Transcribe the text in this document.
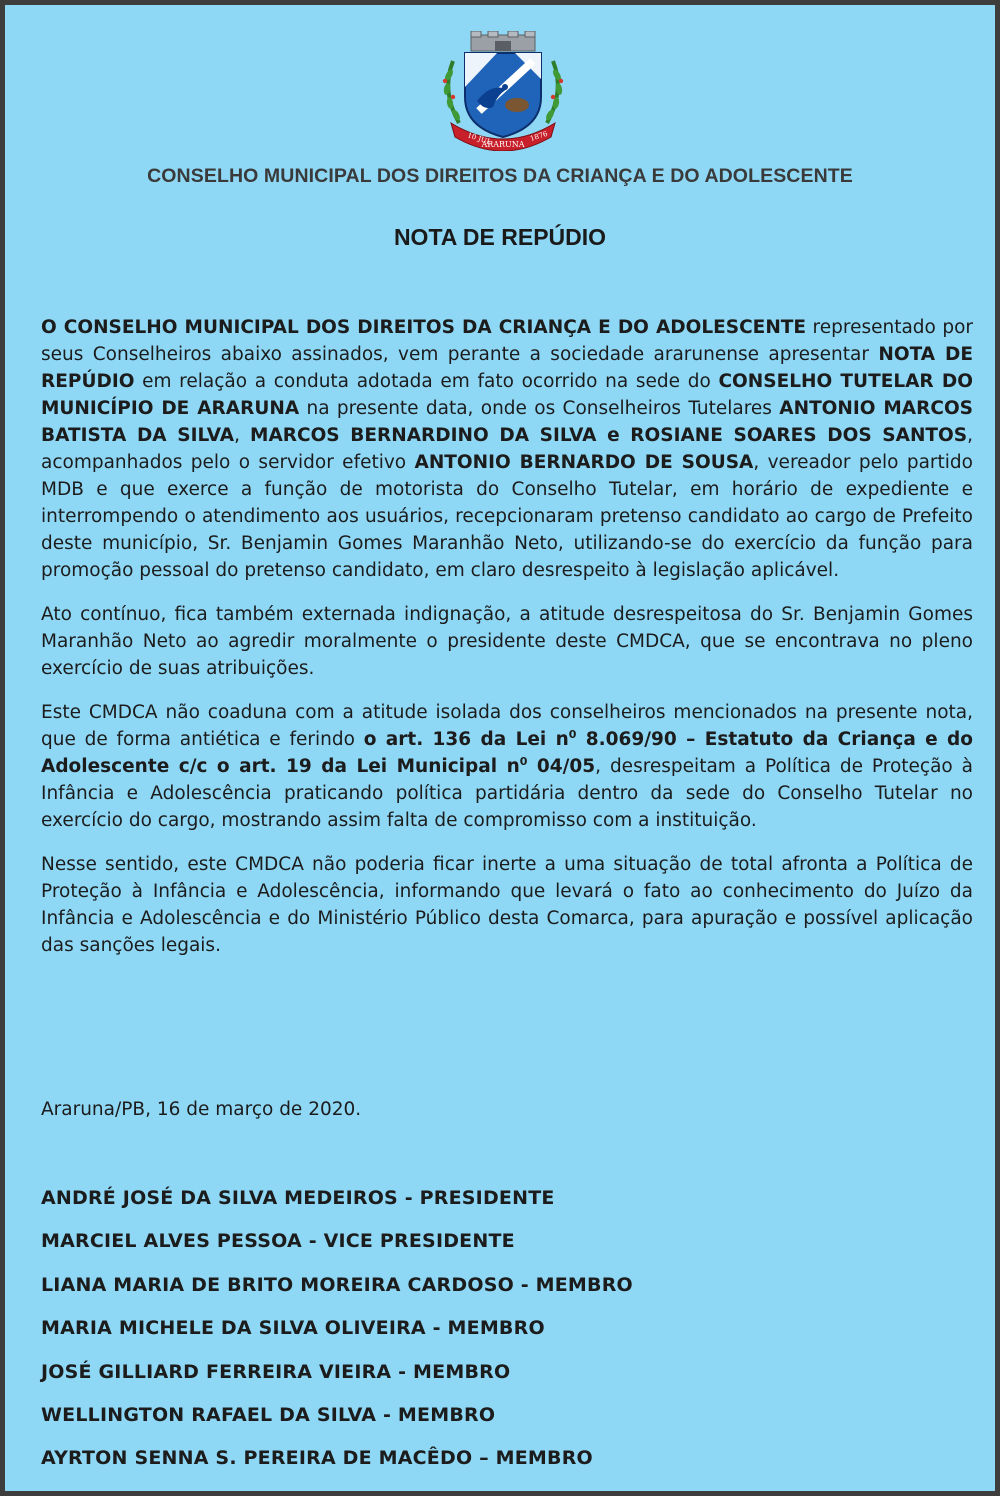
10 JUL
ARARUNA
1876
CONSELHO MUNICIPAL DOS DIREITOS DA CRIANÇA E DO ADOLESCENTE
NOTA DE REPÚDIO

O CONSELHO MUNICIPAL DOS DIREITOS DA CRIANÇA E DO ADOLESCENTE representado por seus Conselheiros abaixo assinados, vem perante a sociedade ararunense apresentar NOTA DE REPÚDIO em relação a conduta adotada em fato ocorrido na sede do CONSELHO TUTELAR DO MUNICÍPIO DE ARARUNA na presente data, onde os Conselheiros Tutelares ANTONIO MARCOS BATISTA DA SILVA, MARCOS BERNARDINO DA SILVA e ROSIANE SOARES DOS SANTOS, acompanhados pelo o servidor efetivo ANTONIO BERNARDO DE SOUSA, vereador pelo partido MDB e que exerce a função de motorista do Conselho Tutelar, em horário de expediente e interrompendo o atendimento aos usuários, recepcionaram pretenso candidato ao cargo de Prefeito deste município, Sr. Benjamin Gomes Maranhão Neto, utilizando-se do exercício da função para promoção pessoal do pretenso candidato, em claro desrespeito à legislação aplicável.

Ato contínuo, fica também externada indignação, a atitude desrespeitosa do Sr. Benjamin Gomes Maranhão Neto ao agredir moralmente o presidente deste CMDCA, que se encontrava no pleno exercício de suas atribuições.

Este CMDCA não coaduna com a atitude isolada dos conselheiros mencionados na presente nota, que de forma antiética e ferindo o art. 136 da Lei $n^0$ 8.069/90 – Estatuto da Criança e do Adolescente c/c o art. 19 da Lei Municipal $n^0$ 04/05, desrespeitam a Política de Proteção à Infância e Adolescência praticando política partidária dentro da sede do Conselho Tutelar no exercício do cargo, mostrando assim falta de compromisso com a instituição.

Nesse sentido, este CMDCA não poderia ficar inerte a uma situação de total afronta a Política de Proteção à Infância e Adolescência, informando que levará o fato ao conhecimento do Juízo da Infância e Adolescência e do Ministério Público desta Comarca, para apuração e possível aplicação das sanções legais.

Araruna/PB, 16 de março de 2020.
ANDRÉ JOSÉ DA SILVA MEDEIROS - PRESIDENTE
MARCIEL ALVES PESSOA - VICE PRESIDENTE
LIANA MARIA DE BRITO MOREIRA CARDOSO - MEMBRO
MARIA MICHELE DA SILVA OLIVEIRA - MEMBRO
JOSÉ GILLIARD FERREIRA VIEIRA - MEMBRO
WELLINGTON RAFAEL DA SILVA - MEMBRO
AYRTON SENNA S. PEREIRA DE MACÊDO – MEMBRO
